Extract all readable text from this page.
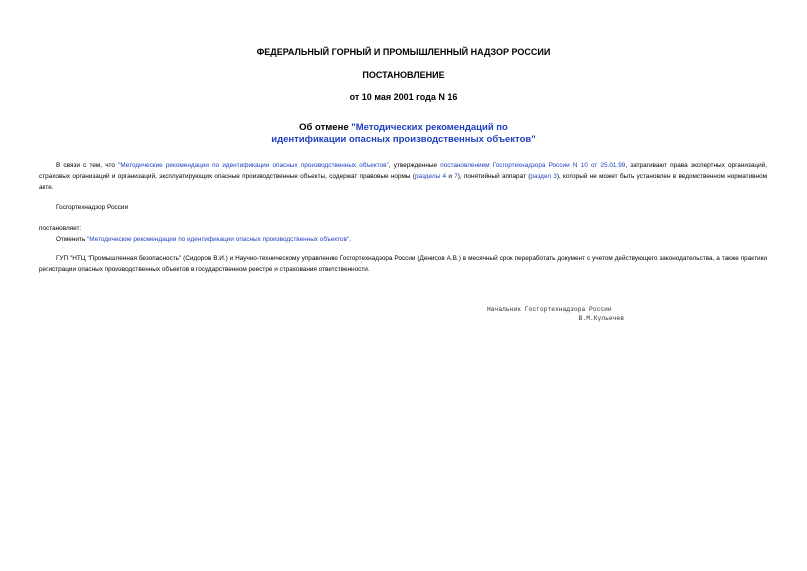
ФЕДЕРАЛЬНЫЙ ГОРНЫЙ И ПРОМЫШЛЕННЫЙ НАДЗОР РОССИИ
ПОСТАНОВЛЕНИЕ
от 10 мая 2001 года N 16
Об отмене "Методических рекомендаций по
идентификации опасных производственных объектов"
В связи с тем, что "Методические рекомендации по идентификации опасных производственных объектов", утвержденные постановлением Госгортехнадзора России N 10 от 25.01.99, затрагивают права экспертных организаций, страховых организаций и организаций, эксплуатирующих опасные производственные объекты, содержат правовые нормы (разделы 4 и 7), понятийный аппарат (раздел 3), который не может быть установлен в ведомственном нормативном акте.
Госгортехнадзор России
постановляет:
Отменить "Методические рекомендации по идентификации опасных производственных объектов".
ГУП "НТЦ "Промышленная безопасность" (Сидоров В.И.) и Научно-техническому управлению Госгортехнадзора России (Денисов А.В.) в месячный срок переработать документ с учетом действующего законодательства, а также практики регистрации опасных производственных объектов в государственном реестре и страхования ответственности.
Начальник Госгортехнадзора России
В.М.Кульечев
